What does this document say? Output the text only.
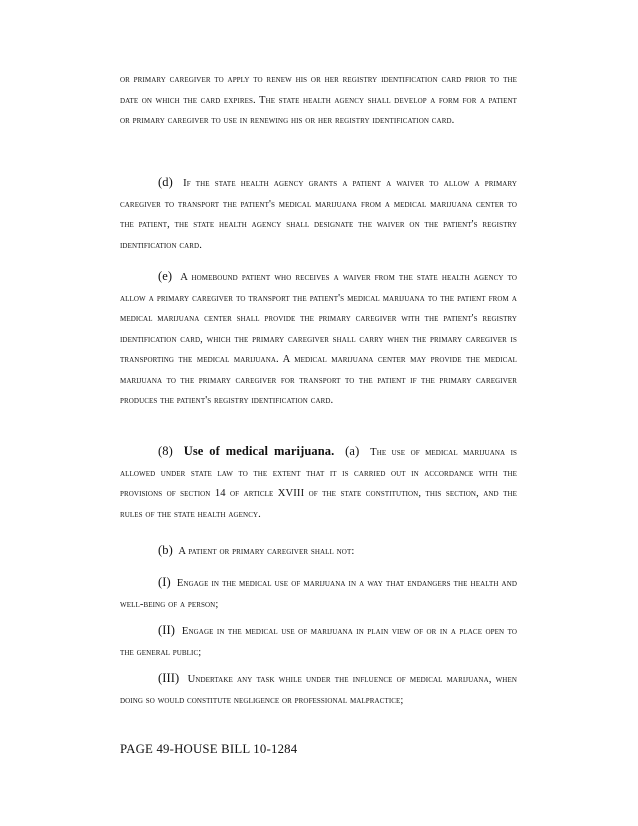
or primary caregiver to apply to renew his or her registry identification card prior to the date on which the card expires. The state health agency shall develop a form for a patient or primary caregiver to use in renewing his or her registry identification card.

(d) If the state health agency grants a patient a waiver to allow a primary caregiver to transport the patient's medical marijuana from a medical marijuana center to the patient, the state health agency shall designate the waiver on the patient's registry identification card.

(e) A homebound patient who receives a waiver from the state health agency to allow a primary caregiver to transport the patient's medical marijuana to the patient from a medical marijuana center shall provide the primary caregiver with the patient's registry identification card, which the primary caregiver shall carry when the primary caregiver is transporting the medical marijuana. A medical marijuana center may provide the medical marijuana to the primary caregiver for transport to the patient if the primary caregiver produces the patient's registry identification card.

(8) Use of medical marijuana. (a) The use of medical marijuana is allowed under state law to the extent that it is carried out in accordance with the provisions of section 14 of article XVIII of the state constitution, this section, and the rules of the state health agency.

(b) A patient or primary caregiver shall not:

(I) Engage in the medical use of marijuana in a way that endangers the health and well-being of a person;

(II) Engage in the medical use of marijuana in plain view of or in a place open to the general public;

(III) Undertake any task while under the influence of medical marijuana, when doing so would constitute negligence or professional malpractice;

PAGE 49-HOUSE BILL 10-1284
